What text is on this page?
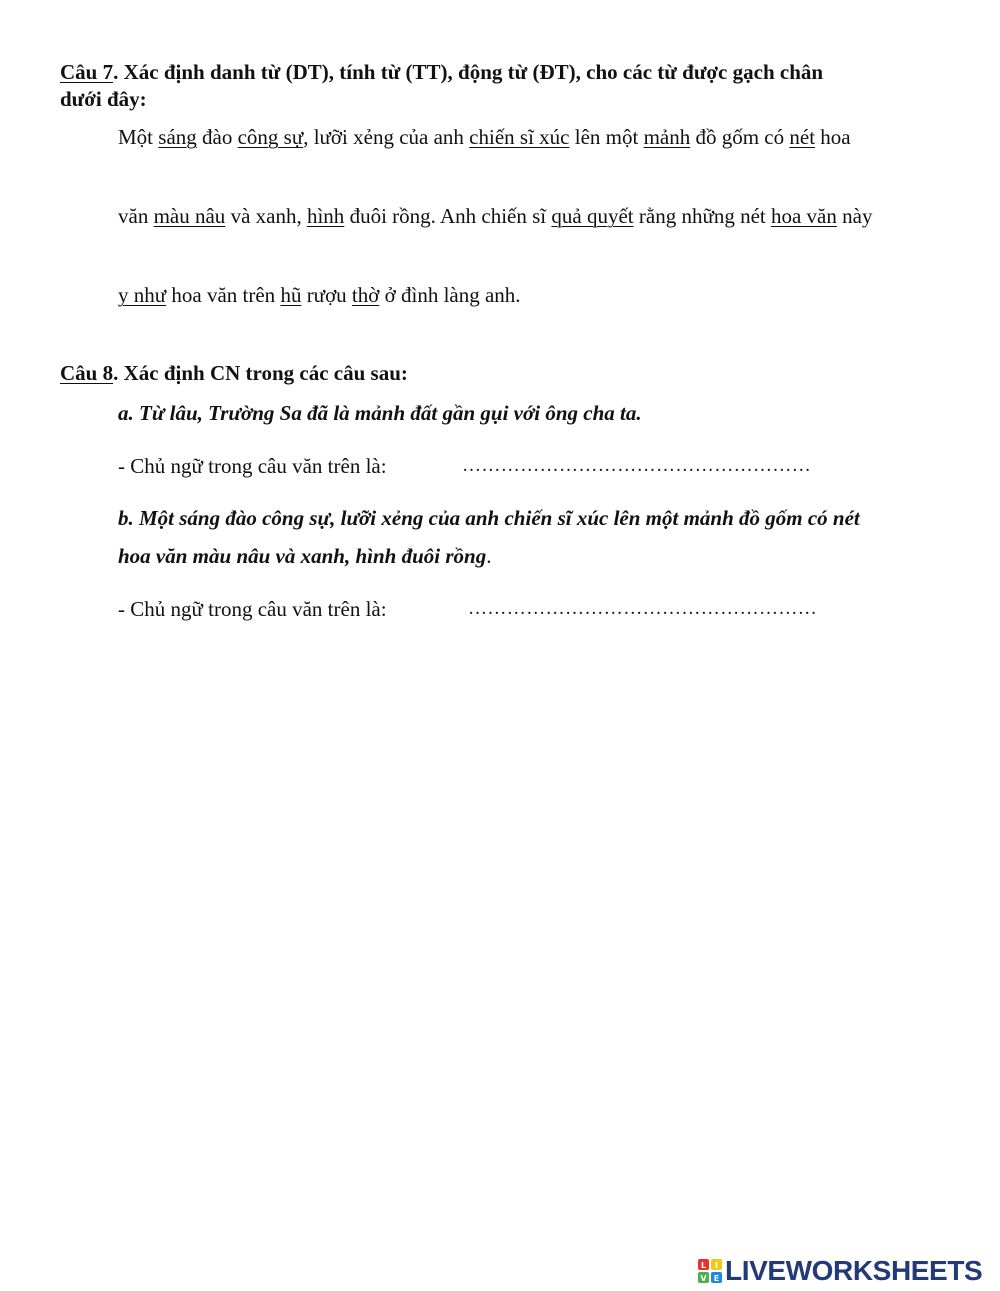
Câu 7. Xác định danh từ (DT), tính từ (TT), động từ (ĐT), cho các từ được gạch chân
dưới đây:
Một sáng đào công sự, lưỡi xẻng của anh chiến sĩ xúc lên một mảnh đồ gốm có nét hoa
văn màu nâu và xanh, hình đuôi rồng. Anh chiến sĩ quả quyết rằng những nét hoa văn này
y như hoa văn trên hũ rượu thờ ở đình làng anh.
Câu 8. Xác định CN trong các câu sau:
a. Từ lâu, Trường Sa đã là mảnh đất gần gụi với ông cha ta.
- Chủ ngữ trong câu văn trên là:	………………………………………………
b. Một sáng đào công sự, lưỡi xẻng của anh chiến sĩ xúc lên một mảnh đồ gốm có nét
hoa văn màu nâu và xanh, hình đuôi rồng.
- Chủ ngữ trong câu văn trên là:	………………………………………………
L I
V E LIVEWORKSHEETS
